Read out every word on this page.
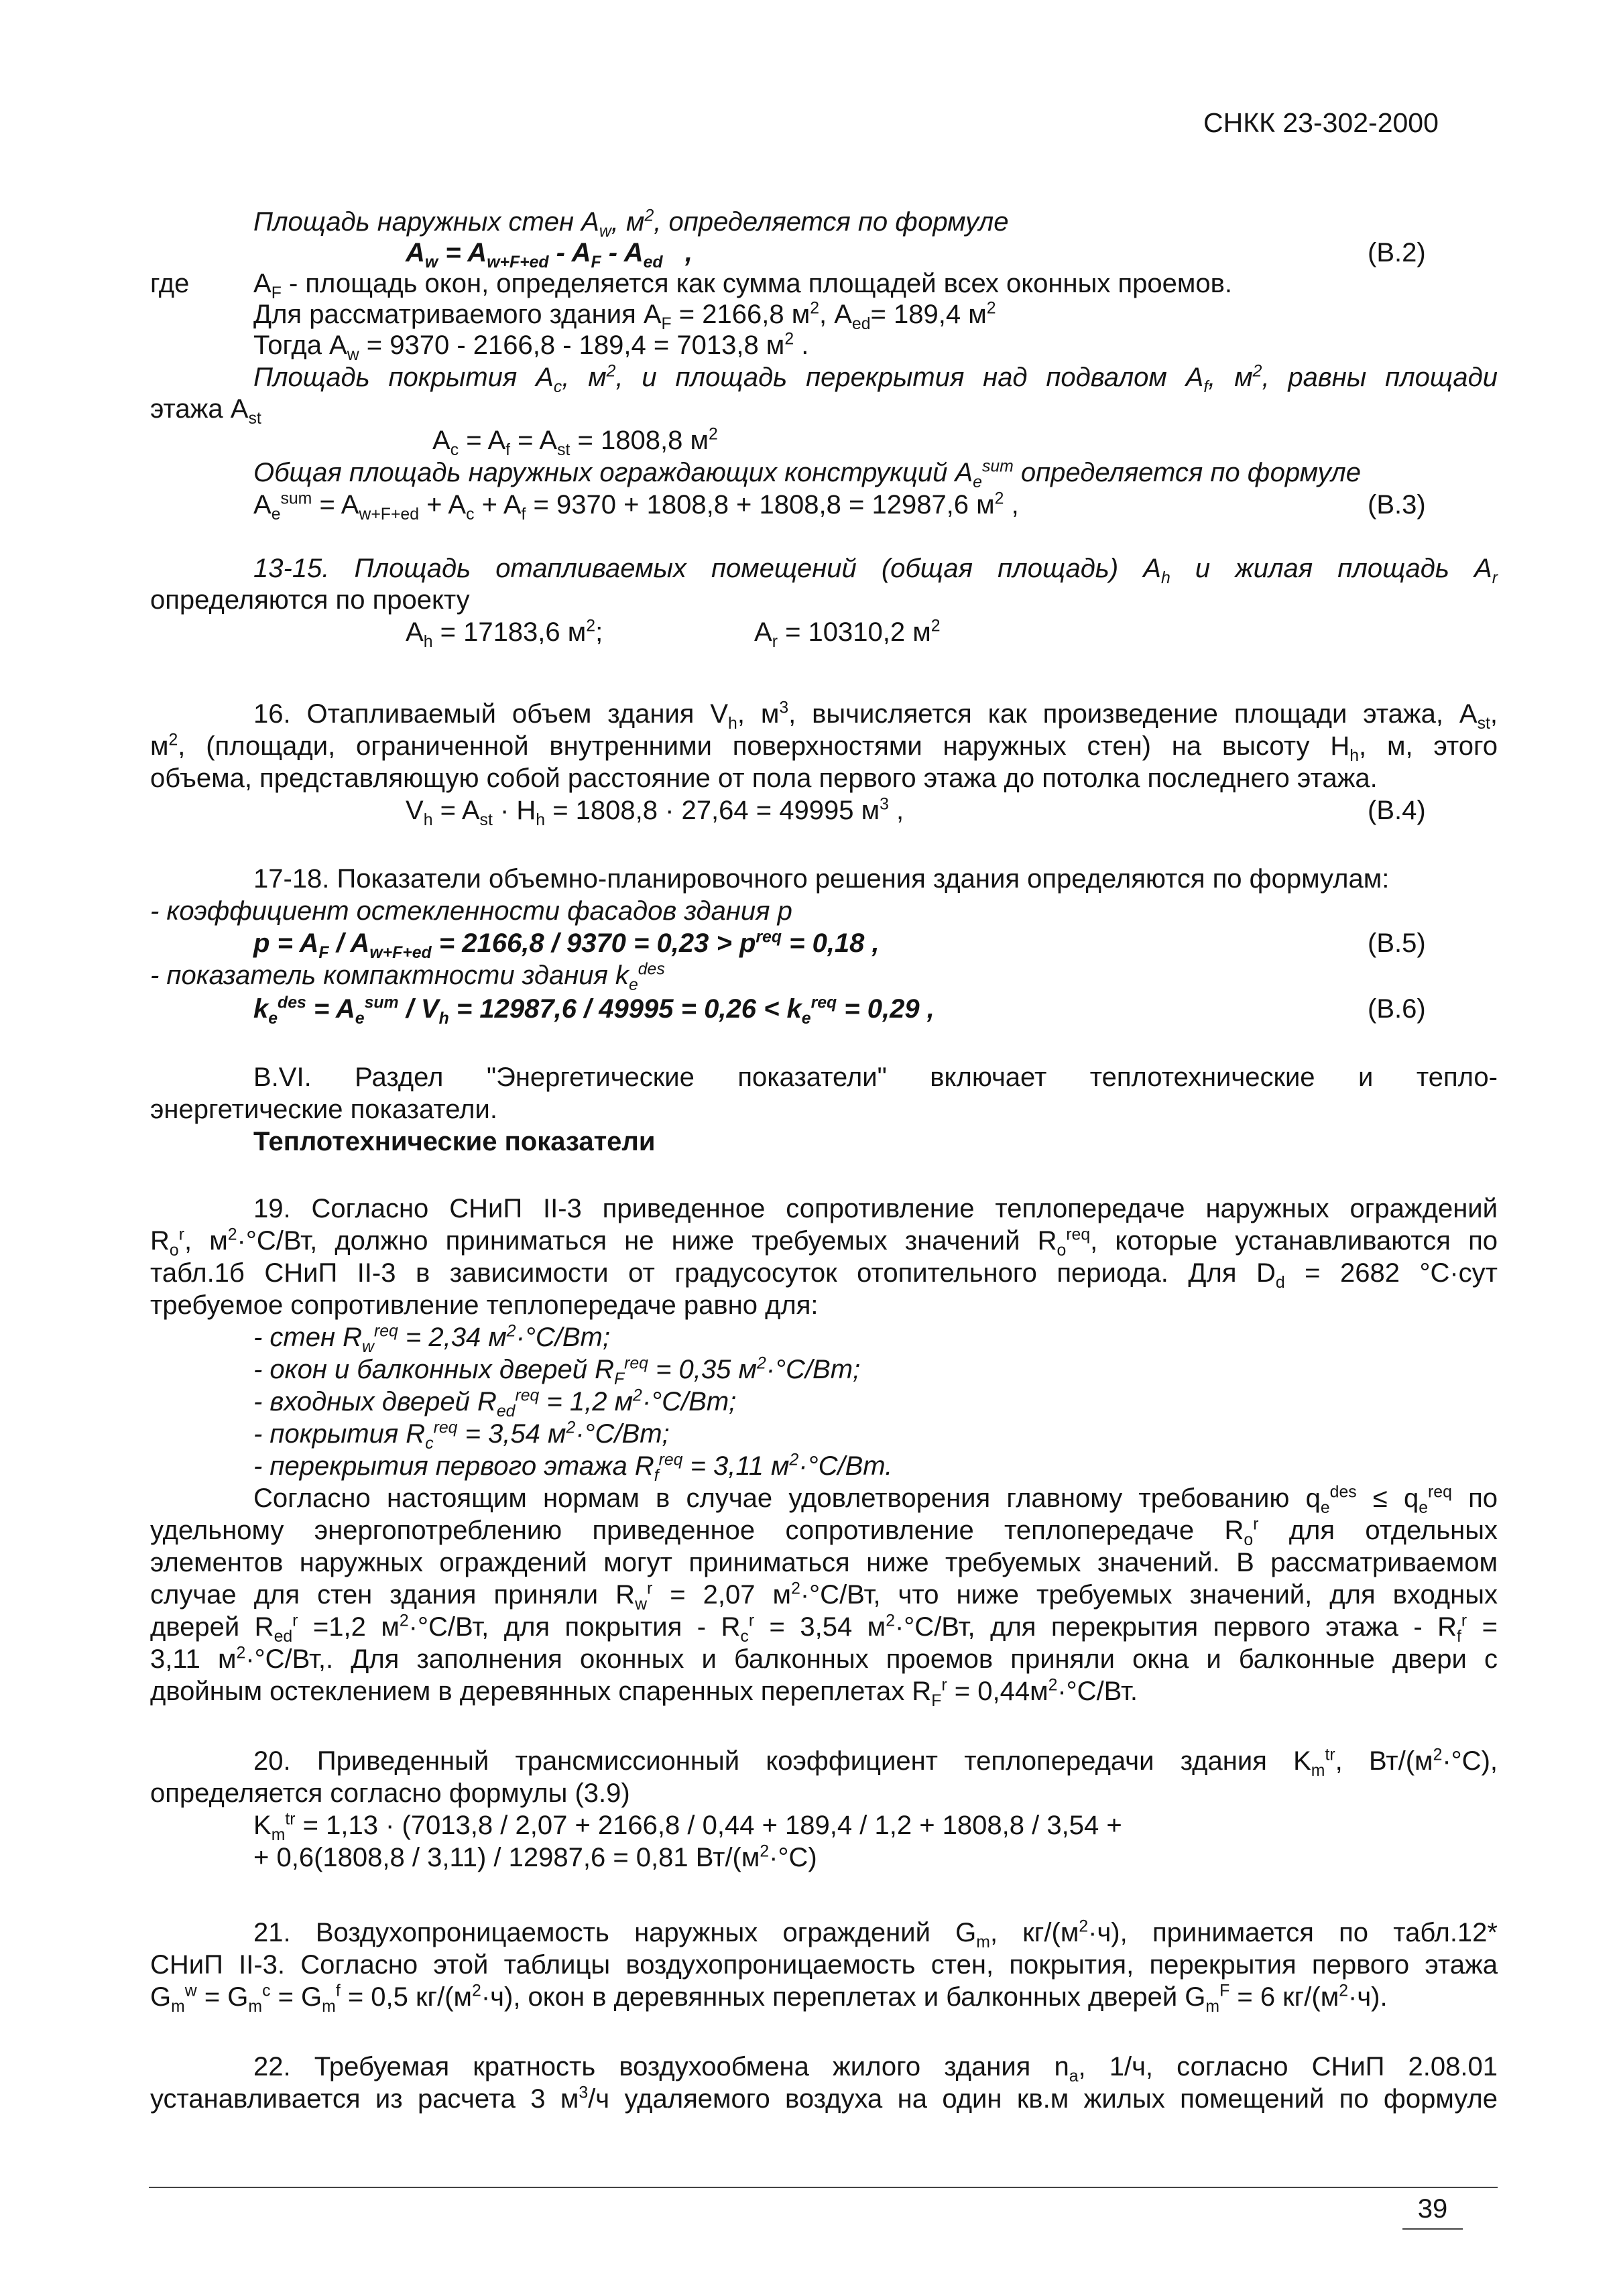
СНКК 23-302-2000
Площадь наружных стен $A_w$, $м^2$, определяется по формуле
$A_w = A_{w+F+ed} - A_F - A_{ed}$   ,	(В.2)
где $A_F$ - площадь окон, определяется как сумма площадей всех оконных проемов.
Для рассматриваемого здания $A_F = 2166,8$ $м^2$, $A_{ed}= 189,4$ $м^2$
Тогда $A_w = 9370 - 2166,8 - 189,4 = 7013,8$ $м^2$ .
Площадь покрытия $A_c$, $м^2$, и площадь перекрытия над подвалом $A_f$, $м^2$, равны площади
этажа $A_{st}$
$A_c = A_f = A_{st} = 1808,8$ $м^2$
Общая площадь наружных ограждающих конструкций $A_e^{sum}$ определяется по формуле
$A_e^{sum} = A_{w+F+ed} + A_c + A_f = 9370 + 1808,8 + 1808,8 = 12987,6$ $м^2$ ,	(В.3)
13-15. Площадь отапливаемых помещений (общая площадь) $A_h$ и жилая площадь $A_r$
определяются по проекту
$A_h = 17183,6$ $м^2$;	$A_r = 10310,2$ $м^2$
16. Отапливаемый объем здания $V_h$, $м^3$, вычисляется как произведение площади этажа, $A_{st}$,
$м^2$, (площади, ограниченной внутренними поверхностями наружных стен) на высоту $H_h$, м, этого
объема, представляющую собой расстояние от пола первого этажа до потолка последнего этажа.
$V_h = A_{st} \cdot H_h = 1808,8 \cdot 27,64 = 49995$ $м^3$ ,	(В.4)
17-18. Показатели объемно-планировочного решения здания определяются по формулам:
- коэффициент остекленности фасадов здания p
$p = A_F / A_{w+F+ed} = 2166,8 / 9370 = 0,23 > p^{req} = 0,18$ ,	(В.5)
- показатель компактности здания $k_e^{des}$
$k_e^{des} = A_e^{sum} / V_h = 12987,6 / 49995 = 0,26 < k_e^{req} = 0,29$ ,	(В.6)
В.VI. Раздел "Энергетические показатели" включает теплотехнические и тепло-
энергетические показатели.
Теплотехнические показатели
19. Согласно СНиП II-3 приведенное сопротивление теплопередаче наружных ограждений
$R_o^r$, $м^2\cdot^\circ С/Вт$, должно приниматься не ниже требуемых значений $R_o^{req}$, которые устанавливаются по
табл.1б СНиП II-3 в зависимости от градусосуток отопительного периода. Для $D_d = 2682$ °С·сут
требуемое сопротивление теплопередаче равно для:
- стен $R_w^{req} = 2,34$ $м^2\cdot^\circ С/Вт$;
- окон и балконных дверей $R_F^{req} = 0,35$ $м^2\cdot^\circ С/Вт$;
- входных дверей $R_{ed}^{req} = 1,2$ $м^2\cdot^\circ С/Вт$;
- покрытия $R_c^{req} = 3,54$ $м^2\cdot^\circ С/Вт$;
- перекрытия первого этажа $R_f^{req} = 3,11$ $м^2\cdot^\circ С/Вт$.
Согласно настоящим нормам в случае удовлетворения главному требованию $q_e^{des} \le q_e^{req}$ по
удельному энергопотреблению приведенное сопротивление теплопередаче $R_o^r$ для отдельных
элементов наружных ограждений могут приниматься ниже требуемых значений. В рассматриваемом
случае для стен здания приняли $R_w^r = 2,07$ $м^2\cdot^\circ С/Вт$, что ниже требуемых значений, для входных
дверей $R_{ed}^r =1,2$ $м^2\cdot^\circ С/Вт$, для покрытия - $R_c^r = 3,54$ $м^2\cdot^\circ С/Вт$, для перекрытия первого этажа - $R_f^r$ =
3,11 $м^2\cdot^\circ С/Вт$,. Для заполнения оконных и балконных проемов приняли окна и балконные двери с
двойным остеклением в деревянных спаренных переплетах $R_F^r = 0,44м^2\cdot^\circ С/Вт$.
20. Приведенный трансмиссионный коэффициент теплопередачи здания $K_m^{tr}$, $Вт/(м^2\cdot^\circ С)$,
определяется согласно формулы (3.9)
$K_m^{tr} = 1,13 \cdot (7013,8 / 2,07 + 2166,8 / 0,44 + 189,4 / 1,2 + 1808,8 / 3,54$ +
+ 0,6(1808,8 / 3,11) / 12987,6 = 0,81 $Вт/(м^2\cdot^\circ С)$
21. Воздухопроницаемость наружных ограждений $G_m$, $кг/(м^2\cdot ч)$, принимается по табл.12*
СНиП II-3. Согласно этой таблицы воздухопроницаемость стен, покрытия, перекрытия первого этажа
$G_m^w = G_m^c = G_m^f = 0,5$ $кг/(м^2\cdot ч)$, окон в деревянных переплетах и балконных дверей $G_m^F = 6$ $кг/(м^2\cdot ч)$.
22. Требуемая кратность воздухообмена жилого здания $n_a$, 1/ч, согласно СНиП 2.08.01
устанавливается из расчета 3 $м^3/ч$ удаляемого воздуха на один кв.м жилых помещений по формуле
39
